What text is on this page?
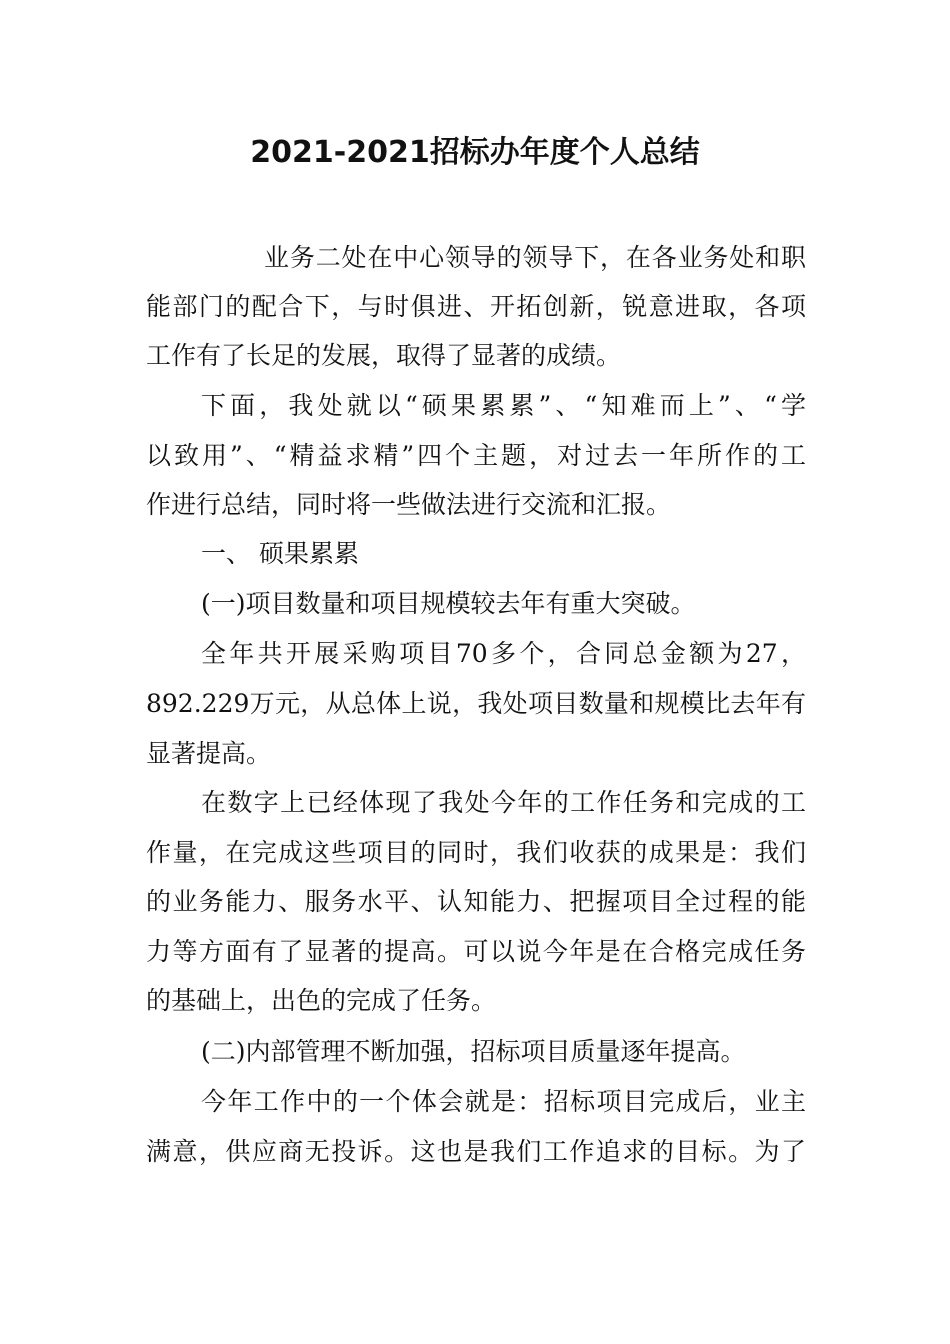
2021-2021招标办年度个人总结

业务二处在中心领导的领导下，在各业务处和职

能部门的配合下，与时俱进、开拓创新，锐意进取，各项

工作有了长足的发展，取得了显著的成绩。

下面，我处就以“硕果累累”、“知难而上”、“学

以致用”、“精益求精”四个主题，对过去一年所作的工

作进行总结，同时将一些做法进行交流和汇报。

一、 硕果累累

(一)项目数量和项目规模较去年有重大突破。

全年共开展采购项目70多个，合同总金额为27，

892.229万元，从总体上说，我处项目数量和规模比去年有

显著提高。

在数字上已经体现了我处今年的工作任务和完成的工

作量，在完成这些项目的同时，我们收获的成果是：我们

的业务能力、服务水平、认知能力、把握项目全过程的能

力等方面有了显著的提高。可以说今年是在合格完成任务

的基础上，出色的完成了任务。

(二)内部管理不断加强，招标项目质量逐年提高。

今年工作中的一个体会就是：招标项目完成后，业主

满意，供应商无投诉。这也是我们工作追求的目标。为了
